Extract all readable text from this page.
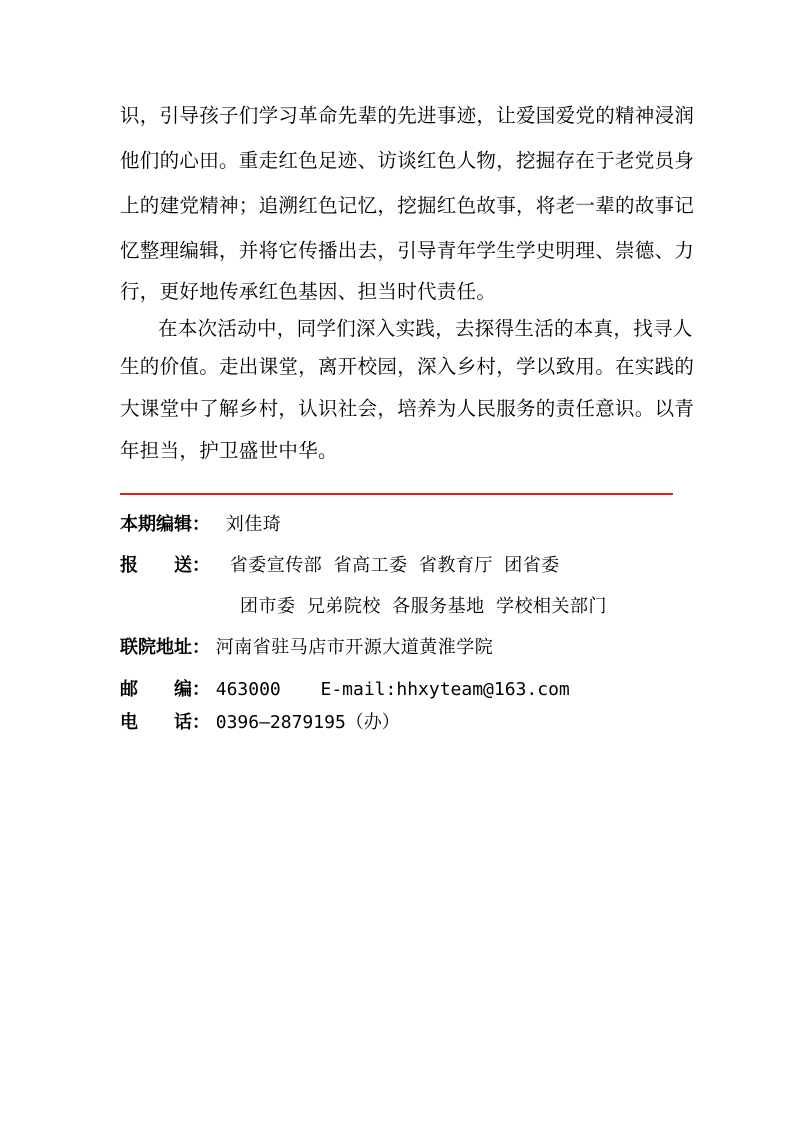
识，引导孩子们学习革命先辈的先进事迹，让爱国爱党的精神浸润
他们的心田。重走红色足迹、访谈红色人物，挖掘存在于老党员身
上的建党精神；追溯红色记忆，挖掘红色故事，将老一辈的故事记
忆整理编辑，并将它传播出去，引导青年学生学史明理、崇德、力
行，更好地传承红色基因、担当时代责任。
在本次活动中，同学们深入实践，去探得生活的本真，找寻人
生的价值。走出课堂，离开校园，深入乡村，学以致用。在实践的
大课堂中了解乡村，认识社会，培养为人民服务的责任意识。以青
年担当，护卫盛世中华。
本期编辑： 刘佳琦
报　　送： 省委宣传部 省高工委 省教育厅 团省委
团市委 兄弟院校 各服务基地 学校相关部门
联院地址： 河南省驻马店市开源大道黄淮学院
邮　　编： 463000 E-mail:hhxyteam@163.com
电　　话： 0396—2879195（办）
